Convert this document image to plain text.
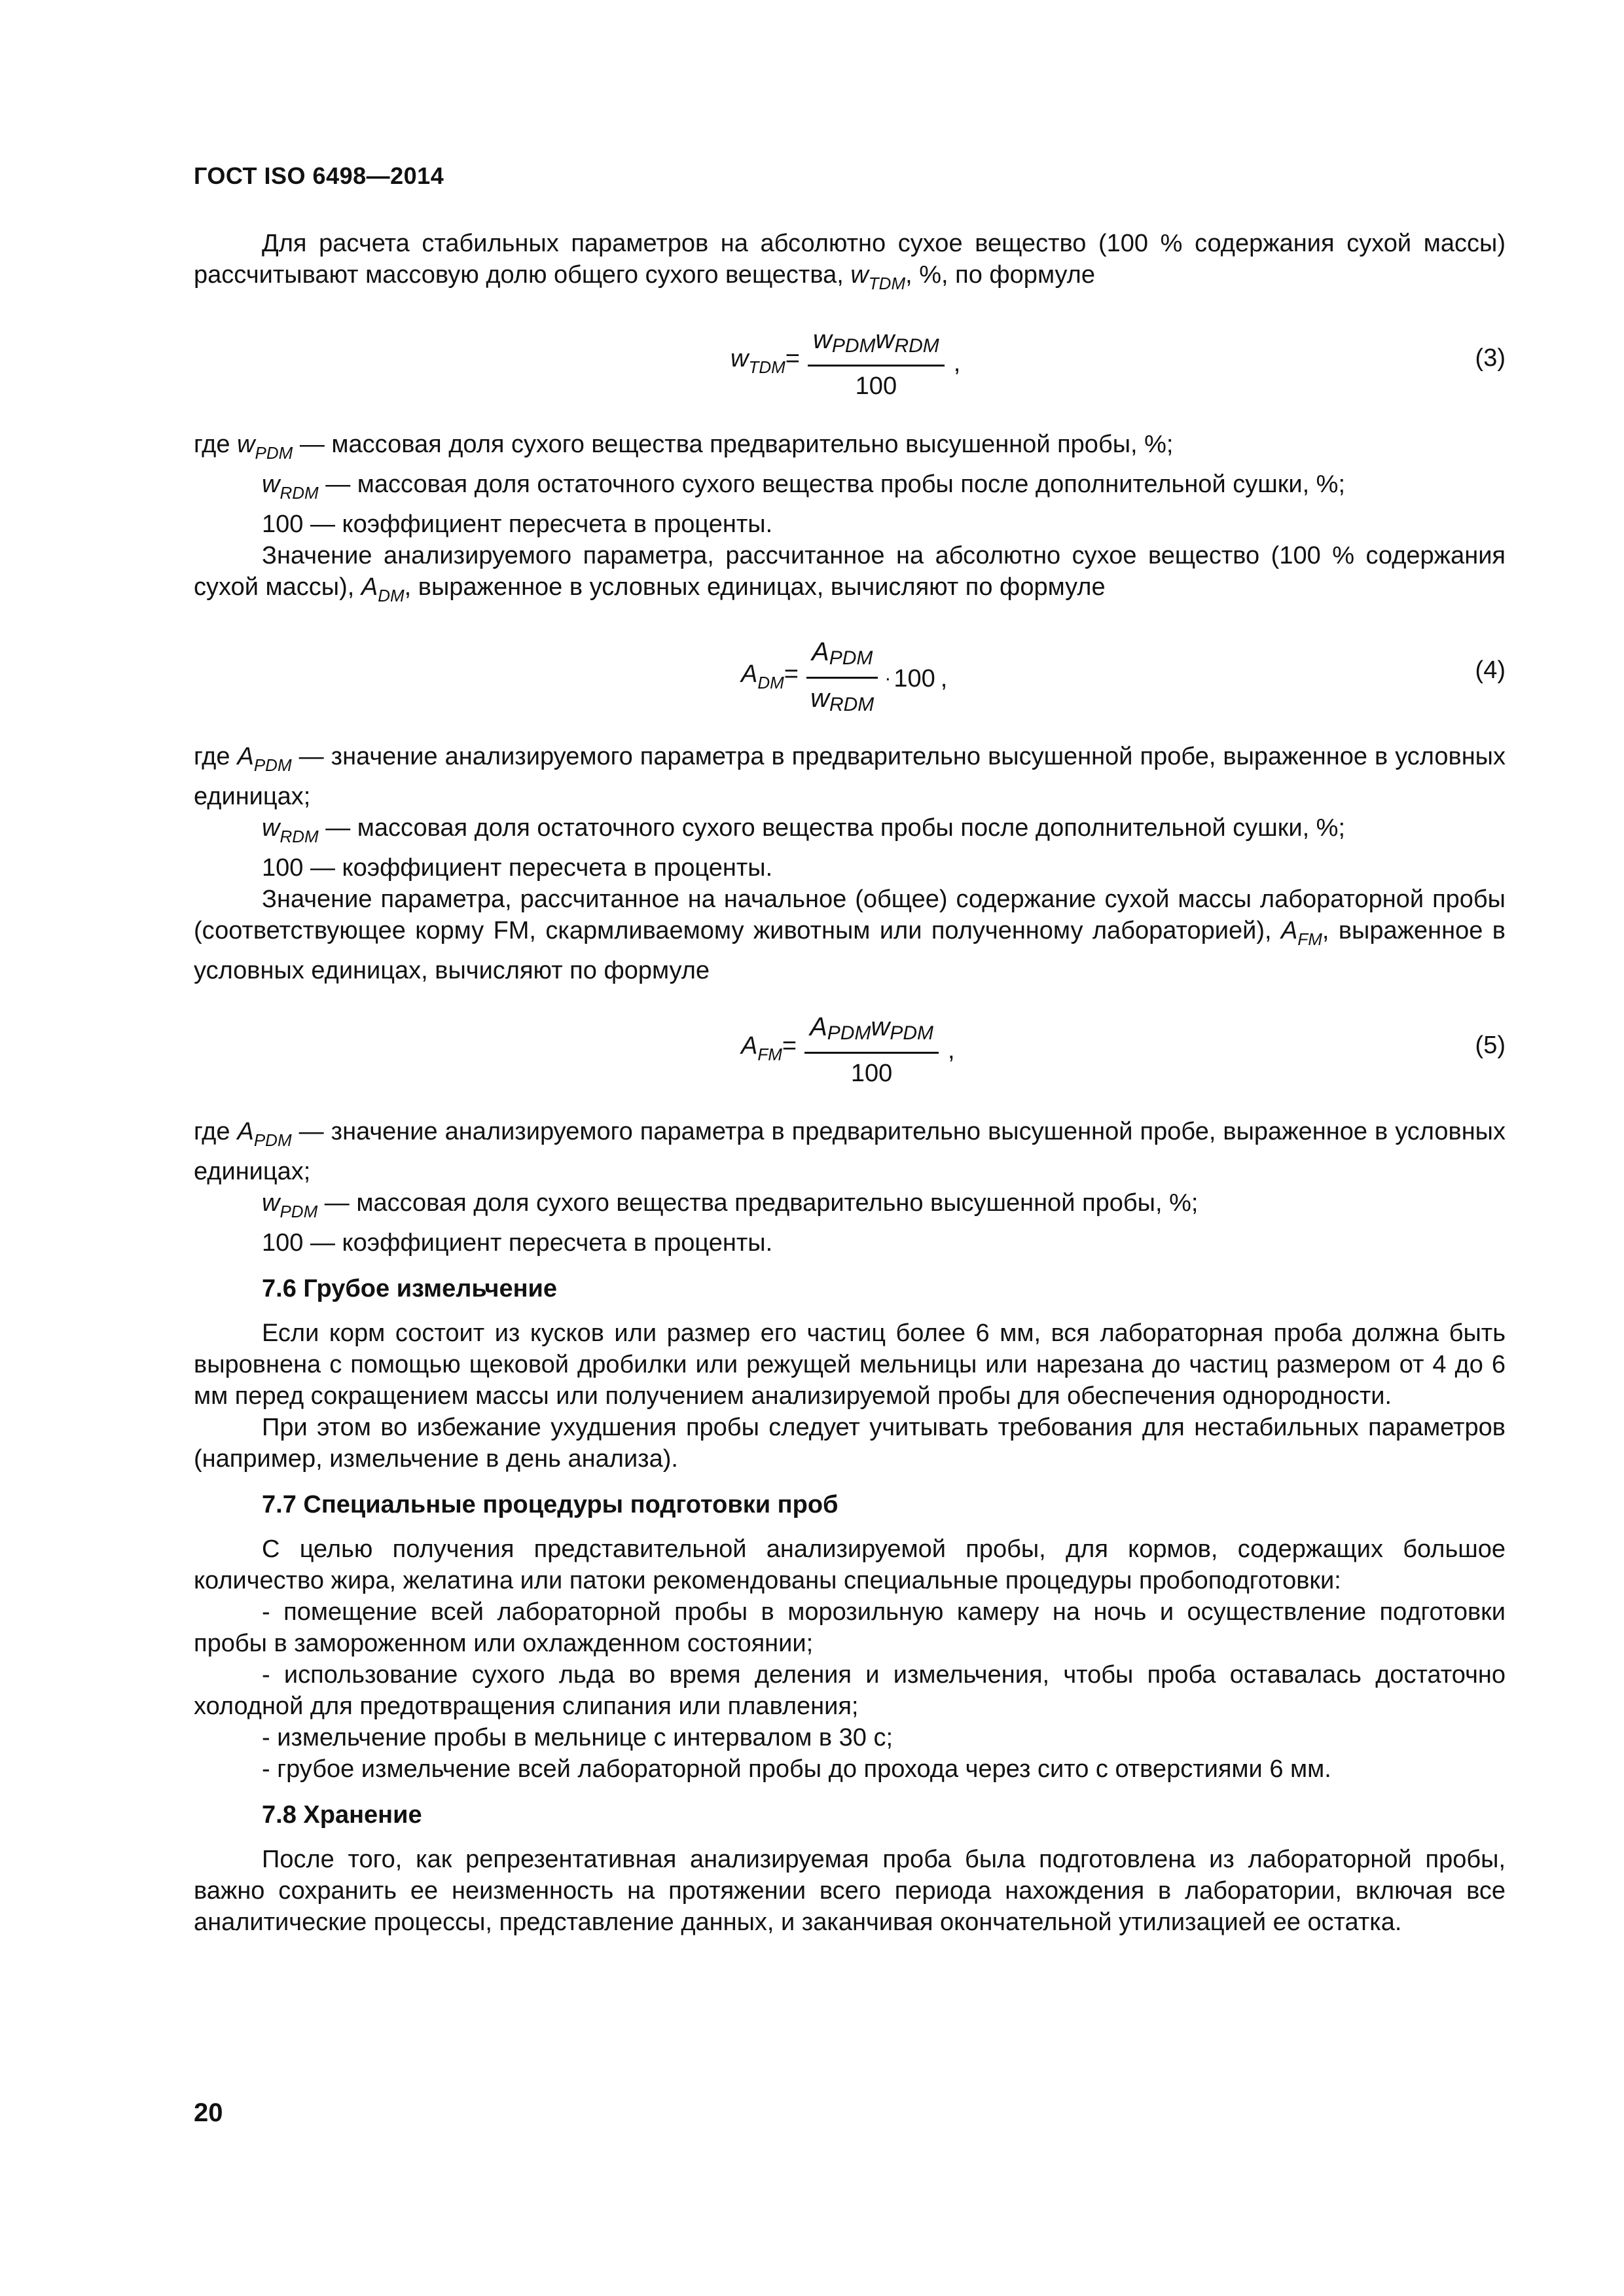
ГОСТ ISO 6498—2014

Для расчета стабильных параметров на абсолютно сухое вещество (100 % содержания сухой массы) рассчитывают массовую долю общего сухого вещества, $w_{TDM}$, %, по формуле

$w_{TDM}= \frac{w_{PDM}w_{RDM}}{100}$ ,	(3)

где $w_{PDM}$ — массовая доля сухого вещества предварительно высушенной пробы, %;

$w_{RDM}$ — массовая доля остаточного сухого вещества пробы после дополнительной сушки, %;

100 — коэффициент пересчета в проценты.

Значение анализируемого параметра, рассчитанное на абсолютно сухое вещество (100 % содержания сухой массы), $A_{DM}$, выраженное в условных единицах, вычисляют по формуле

$A_{DM}= \frac{A_{PDM}}{w_{RDM}} \cdot 100$ ,	(4)

где $A_{PDM}$ — значение анализируемого параметра в предварительно высушенной пробе, выраженное в условных единицах;

$w_{RDM}$ — массовая доля остаточного сухого вещества пробы после дополнительной сушки, %;

100 — коэффициент пересчета в проценты.

Значение параметра, рассчитанное на начальное (общее) содержание сухой массы лабораторной пробы (соответствующее корму FM, скармливаемому животным или полученному лабораторией), $A_{FM}$, выраженное в условных единицах, вычисляют по формуле

$A_{FM}= \frac{A_{PDM}w_{PDM}}{100}$ ,	(5)

где $A_{PDM}$ — значение анализируемого параметра в предварительно высушенной пробе, выраженное в условных единицах;

$w_{PDM}$ — массовая доля сухого вещества предварительно высушенной пробы, %;

100 — коэффициент пересчета в проценты.

7.6 Грубое измельчение

Если корм состоит из кусков или размер его частиц более 6 мм, вся лабораторная проба должна быть выровнена с помощью щековой дробилки или режущей мельницы или нарезана до частиц размером от 4 до 6 мм перед сокращением массы или получением анализируемой пробы для обеспечения однородности.

При этом во избежание ухудшения пробы следует учитывать требования для нестабильных параметров (например, измельчение в день анализа).

7.7 Специальные процедуры подготовки проб

С целью получения представительной анализируемой пробы, для кормов, содержащих большое количество жира, желатина или патоки рекомендованы специальные процедуры пробоподготовки:

- помещение всей лабораторной пробы в морозильную камеру на ночь и осуществление подготовки пробы в замороженном или охлажденном состоянии;

- использование сухого льда во время деления и измельчения, чтобы проба оставалась достаточно холодной для предотвращения слипания или плавления;

- измельчение пробы в мельнице с интервалом в 30 с;

- грубое измельчение всей лабораторной пробы до прохода через сито с отверстиями 6 мм.

7.8 Хранение

После того, как репрезентативная анализируемая проба была подготовлена из лабораторной пробы, важно сохранить ее неизменность на протяжении всего периода нахождения в лаборатории, включая все аналитические процессы, представление данных, и заканчивая окончательной утилизацией ее остатка.

20
